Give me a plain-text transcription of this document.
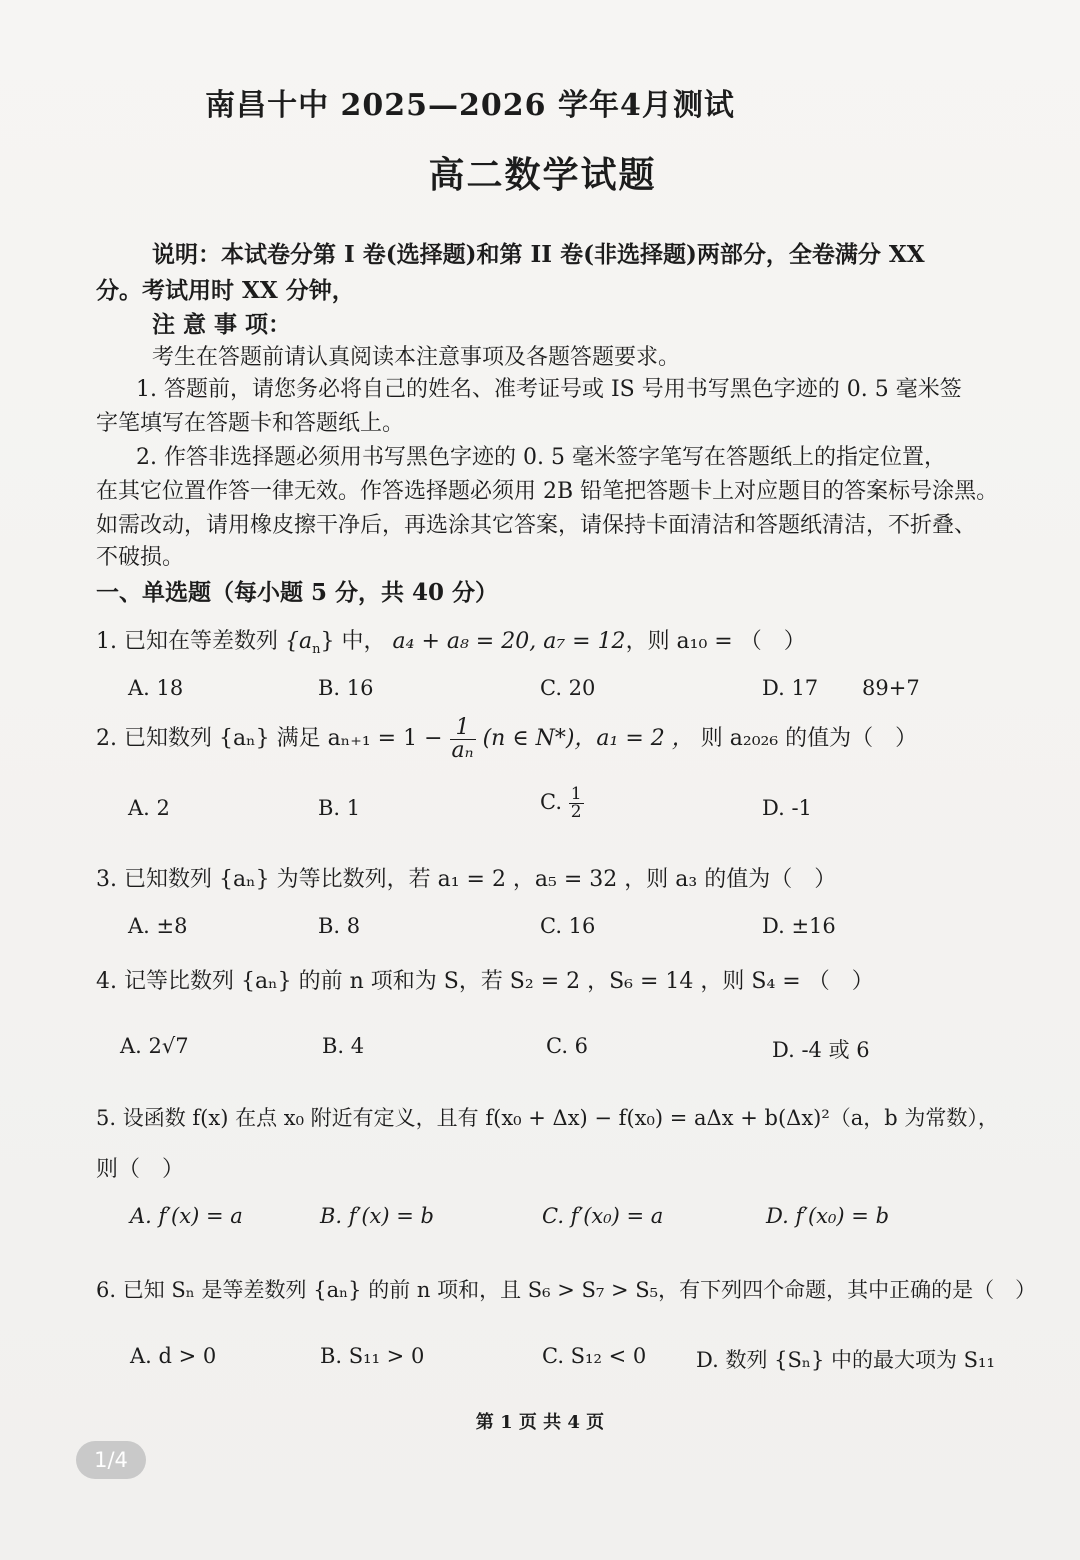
南昌十中 2025—2026 学年4月测试
高二数学试题
说明：本试卷分第 I 卷(选择题)和第 II 卷(非选择题)两部分，全卷满分 XX
分。考试用时 XX 分钟，
注 意 事 项：
考生在答题前请认真阅读本注意事项及各题答题要求。
1. 答题前，请您务必将自己的姓名、准考证号或 IS 号用书写黑色字迹的 0. 5 毫米签
字笔填写在答题卡和答题纸上。
2. 作答非选择题必须用书写黑色字迹的 0. 5 毫米签字笔写在答题纸上的指定位置，
在其它位置作答一律无效。作答选择题必须用 2B 铅笔把答题卡上对应题目的答案标号涂黑。
如需改动，请用橡皮擦干净后，再选涂其它答案，请保持卡面清洁和答题纸清洁，不折叠、
不破损。
一、单选题（每小题 5 分，共 40 分）
1. 已知在等差数列 $\{a_n\}$ 中， a₄ + a₈ = 20, a₇ = 12，则 a₁₀ = （　）
A. 18	B. 16	C. 20	D. 17 89+7
2. 已知数列 {aₙ} 满足 $a_{n+1} = 1 - \frac{1}{\text{aₙ}} (n$ ∈ N*)，a₁ = 2 ， 则 a₂₀₂₆ 的值为（　）
A. 2	B. 1	C. $\frac{1}{2}$	D. -1
3. 已知数列 {aₙ} 为等比数列，若 a₁ = 2 ，a₅ = 32 ，则 a₃ 的值为（　）
A. ±8	B. 8	C. 16	D. ±16
4. 记等比数列 {aₙ} 的前 n 项和为 S，若 S₂ = 2 ，S₆ = 14 ，则 S₄ = （　）
A. 2√7	B. 4	C. 6	D. -4 或 6
5. 设函数 f(x) 在点 x₀ 附近有定义，且有 f(x₀ + Δx) − f(x₀) = aΔx + b(Δx)²（a，b 为常数），
则（　）
A. f′(x) = a	B. f′(x) = b	C. f′(x₀) = a	D. f′(x₀) = b
6. 已知 Sₙ 是等差数列 {aₙ} 的前 n 项和，且 S₆ > S₇ > S₅，有下列四个命题，其中正确的是（　）
A. d > 0	B. S₁₁ > 0	C. S₁₂ < 0 D. 数列 {Sₙ} 中的最大项为 S₁₁
第 1 页 共 4 页
1/4
